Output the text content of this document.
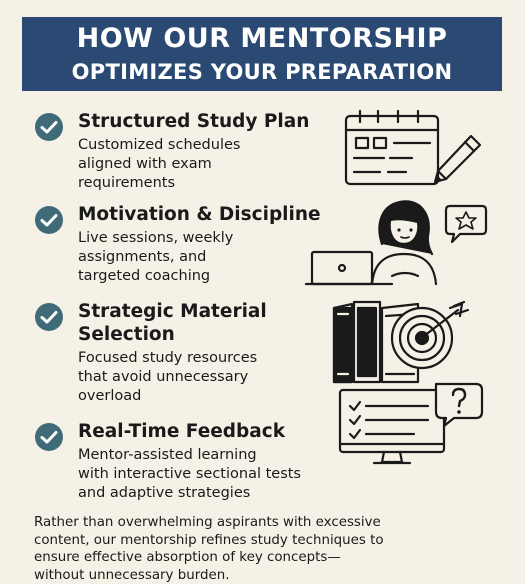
HOW OUR MENTORSHIP
OPTIMIZES YOUR PREPARATION
Structured Study Plan
Customized schedules
aligned with exam
requirements
Motivation & Discipline
Live sessions, weekly
assignments, and
targeted coaching
Strategic Material
Selection
Focused study resources
that avoid unnecessary
overload
Real-Time Feedback
Mentor-assisted learning
with interactive sectional tests
and adaptive strategies
Rather than overwhelming aspirants with excessive
content, our mentorship refines study techniques to
ensure effective absorption of key concepts—
without unnecessary burden.
